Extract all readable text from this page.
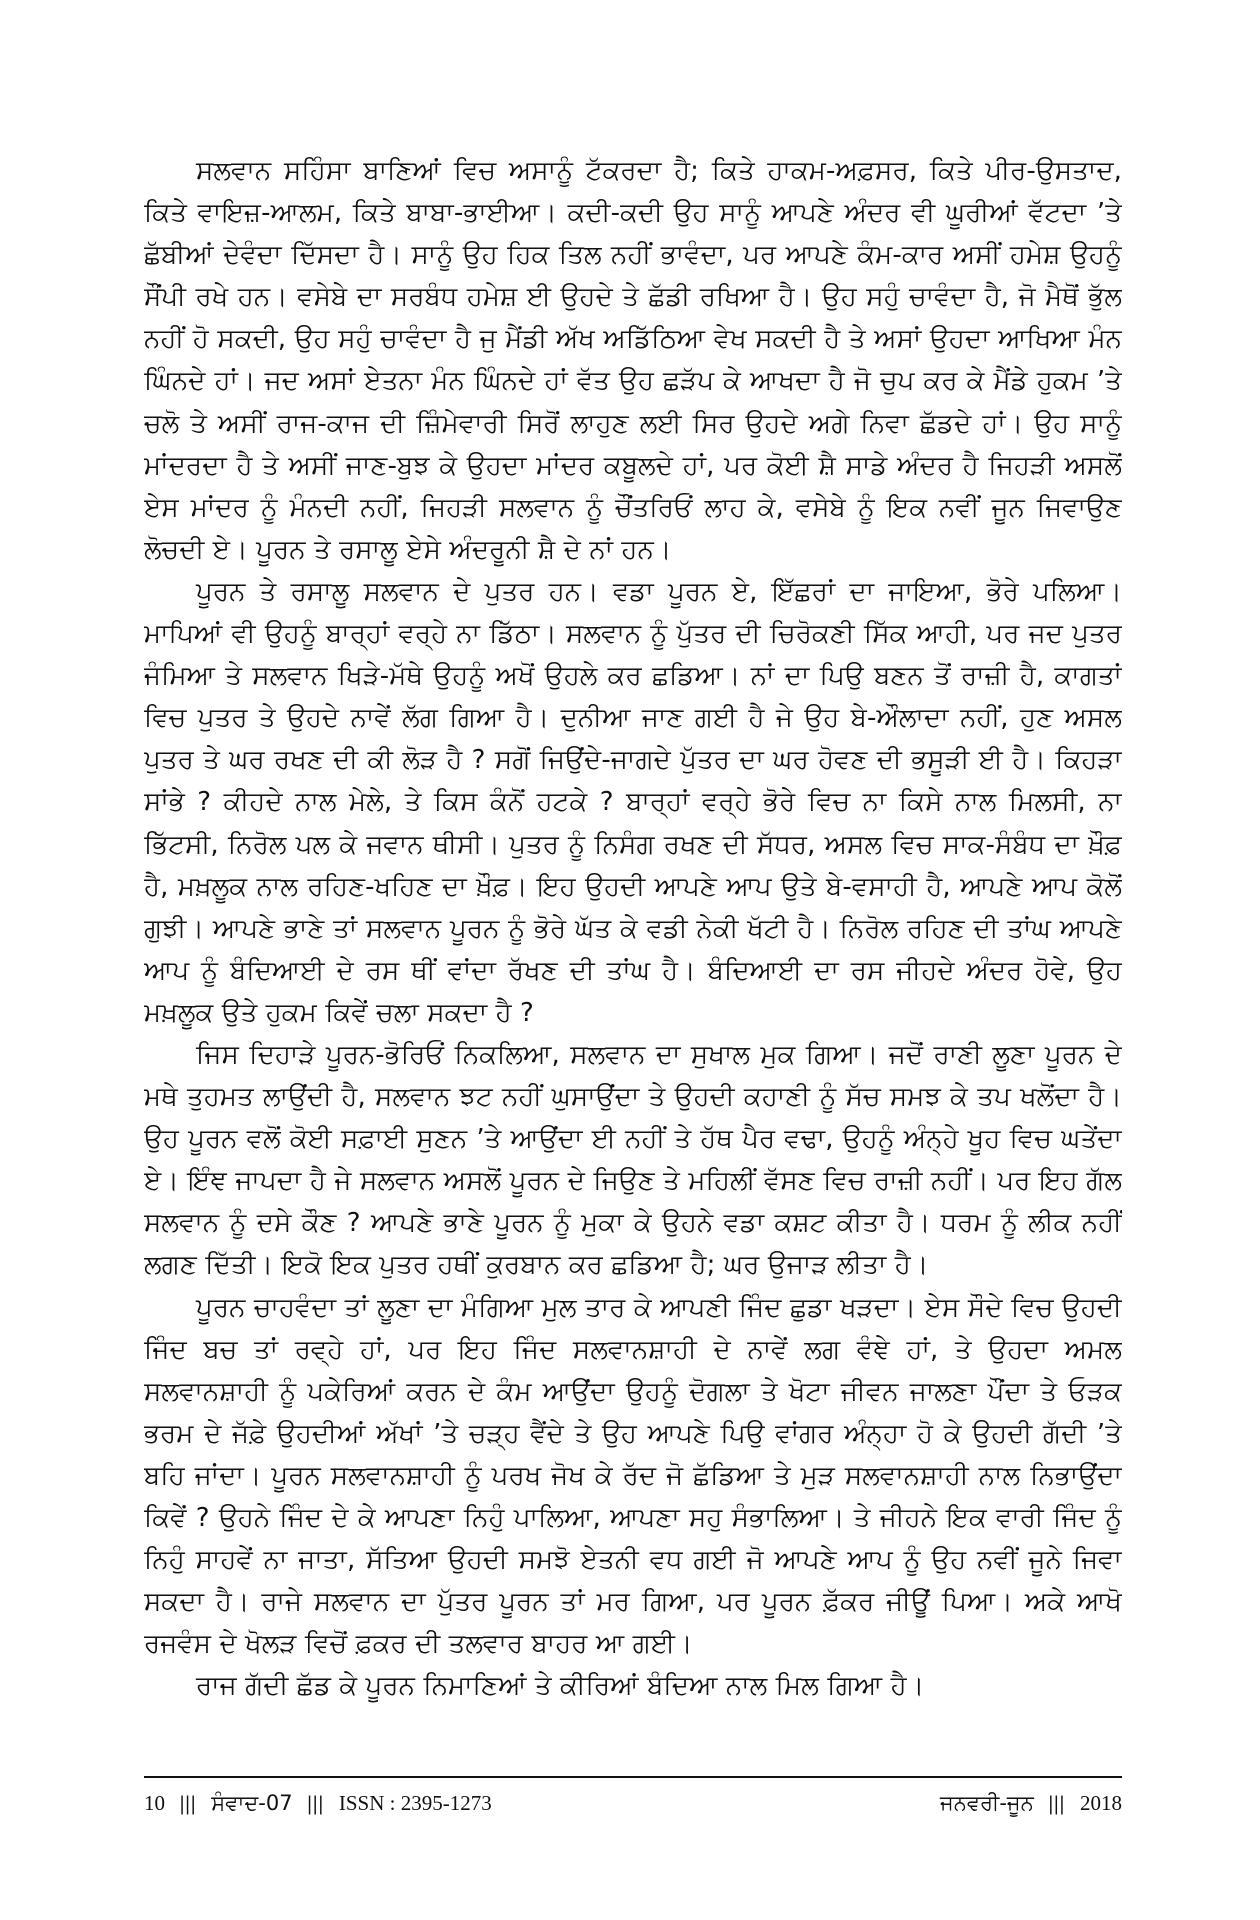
ਸਲਵਾਨ ਸਹਿੰਸਾ ਬਾਣਿਆਂ ਵਿਚ ਅਸਾਨੂੰ ਟੱਕਰਦਾ ਹੈ; ਕਿਤੇ ਹਾਕਮ-ਅਫ਼ਸਰ, ਕਿਤੇ ਪੀਰ-ਉਸਤਾਦ, ਕਿਤੇ ਵਾਇਜ਼-ਆਲਮ, ਕਿਤੇ ਬਾਬਾ-ਭਾਈਆ। ਕਦੀ-ਕਦੀ ਉਹ ਸਾਨੂੰ ਆਪਣੇ ਅੰਦਰ ਵੀ ਘੂਰੀਆਂ ਵੱਟਦਾ ’ਤੇ ਛੱਬੀਆਂ ਦੇਵੰਦਾ ਦਿੱਸਦਾ ਹੈ। ਸਾਨੂੰ ਉਹ ਹਿਕ ਤਿਲ ਨਹੀਂ ਭਾਵੰਦਾ, ਪਰ ਆਪਣੇ ਕੰਮ-ਕਾਰ ਅਸੀਂ ਹਮੇਸ਼ ਉਹਨੂੰ ਸੌਂਪੀ ਰਖੇ ਹਨ। ਵਸੇਬੇ ਦਾ ਸਰਬੰਧ ਹਮੇਸ਼ ਈ ਉਹਦੇ ਤੇ ਛੱਡੀ ਰਖਿਆ ਹੈ। ਉਹ ਸਹੁੰ ਚਾਵੰਦਾ ਹੈ, ਜੋ ਮੈਥੋਂ ਭੁੱਲ ਨਹੀਂ ਹੋ ਸਕਦੀ, ਉਹ ਸਹੁੰ ਚਾਵੰਦਾ ਹੈ ਜੁ ਮੈਂਡੀ ਅੱਖ ਅਡਿੱਠਿਆ ਵੇਖ ਸਕਦੀ ਹੈ ਤੇ ਅਸਾਂ ਉਹਦਾ ਆਖਿਆ ਮੰਨ ਘਿੰਨਦੇ ਹਾਂ। ਜਦ ਅਸਾਂ ਏਤਨਾ ਮੰਨ ਘਿੰਨਦੇ ਹਾਂ ਵੱਤ ਉਹ ਛੜੱਪ ਕੇ ਆਖਦਾ ਹੈ ਜੋ ਚੁਪ ਕਰ ਕੇ ਮੈਂਡੇ ਹੁਕਮ ’ਤੇ ਚਲੋ ਤੇ ਅਸੀਂ ਰਾਜ-ਕਾਜ ਦੀ ਜ਼ਿੰਮੇਵਾਰੀ ਸਿਰੋਂ ਲਾਹੁਣ ਲਈ ਸਿਰ ਉਹਦੇ ਅਗੇ ਨਿਵਾ ਛੱਡਦੇ ਹਾਂ। ਉਹ ਸਾਨੂੰ ਮਾਂਦਰਦਾ ਹੈ ਤੇ ਅਸੀਂ ਜਾਣ-ਬੁਝ ਕੇ ਉਹਦਾ ਮਾਂਦਰ ਕਬੂਲਦੇ ਹਾਂ, ਪਰ ਕੋਈ ਸ਼ੈ ਸਾਡੇ ਅੰਦਰ ਹੈ ਜਿਹੜੀ ਅਸਲੋਂ ਏਸ ਮਾਂਦਰ ਨੂੰ ਮੰਨਦੀ ਨਹੀਂ, ਜਿਹੜੀ ਸਲਵਾਨ ਨੂੰ ਚੌਂਤਰਿਓਂ ਲਾਹ ਕੇ, ਵਸੇਬੇ ਨੂੰ ਇਕ ਨਵੀਂ ਜੂਨ ਜਿਵਾਉਣ ਲੋਚਦੀ ਏ। ਪੂਰਨ ਤੇ ਰਸਾਲੂ ਏਸੇ ਅੰਦਰੂਨੀ ਸ਼ੈ ਦੇ ਨਾਂ ਹਨ।

ਪੂਰਨ ਤੇ ਰਸਾਲੂ ਸਲਵਾਨ ਦੇ ਪੁਤਰ ਹਨ। ਵਡਾ ਪੂਰਨ ਏ, ਇੱਛਰਾਂ ਦਾ ਜਾਇਆ, ਭੋਰੇ ਪਲਿਆ। ਮਾਪਿਆਂ ਵੀ ਉਹਨੂੰ ਬਾਰ੍ਹਾਂ ਵਰ੍ਹੇ ਨਾ ਡਿੱਠਾ। ਸਲਵਾਨ ਨੂੰ ਪੁੱਤਰ ਦੀ ਚਿਰੋਕਣੀ ਸਿੱਕ ਆਹੀ, ਪਰ ਜਦ ਪੁਤਰ ਜੰਮਿਆ ਤੇ ਸਲਵਾਨ ਖਿੜੇ-ਮੱਥੇ ਉਹਨੂੰ ਅਖੋਂ ਉਹਲੇ ਕਰ ਛਡਿਆ। ਨਾਂ ਦਾ ਪਿਉ ਬਣਨ ਤੋਂ ਰਾਜ਼ੀ ਹੈ, ਕਾਗਤਾਂ ਵਿਚ ਪੁਤਰ ਤੇ ਉਹਦੇ ਨਾਵੇਂ ਲੱਗ ਗਿਆ ਹੈ। ਦੁਨੀਆ ਜਾਣ ਗਈ ਹੈ ਜੇ ਉਹ ਬੇ-ਔਲਾਦਾ ਨਹੀਂ, ਹੁਣ ਅਸਲ ਪੁਤਰ ਤੇ ਘਰ ਰਖਣ ਦੀ ਕੀ ਲੋੜ ਹੈ ? ਸਗੋਂ ਜਿਉਂਦੇ-ਜਾਗਦੇ ਪੁੱਤਰ ਦਾ ਘਰ ਹੋਵਣ ਦੀ ਭਸੂੜੀ ਈ ਹੈ। ਕਿਹੜਾ ਸਾਂਭੇ ? ਕੀਹਦੇ ਨਾਲ ਮੇਲੇ, ਤੇ ਕਿਸ ਕੰਨੋਂ ਹਟਕੇ ? ਬਾਰ੍ਹਾਂ ਵਰ੍ਹੇ ਭੋਰੇ ਵਿਚ ਨਾ ਕਿਸੇ ਨਾਲ ਮਿਲਸੀ, ਨਾ ਭਿੱਟਸੀ, ਨਿਰੋਲ ਪਲ ਕੇ ਜਵਾਨ ਥੀਸੀ। ਪੁਤਰ ਨੂੰ ਨਿਸੰਗ ਰਖਣ ਦੀ ਸੱਧਰ, ਅਸਲ ਵਿਚ ਸਾਕ-ਸੰਬੰਧ ਦਾ ਖ਼ੌਫ਼ ਹੈ, ਮਖ਼ਲੂਕ ਨਾਲ ਰਹਿਣ-ਖਹਿਣ ਦਾ ਖ਼ੌਫ਼। ਇਹ ਉਹਦੀ ਆਪਣੇ ਆਪ ਉਤੇ ਬੇ-ਵਸਾਹੀ ਹੈ, ਆਪਣੇ ਆਪ ਕੋਲੋਂ ਗੁਝੀ। ਆਪਣੇ ਭਾਣੇ ਤਾਂ ਸਲਵਾਨ ਪੂਰਨ ਨੂੰ ਭੋਰੇ ਘੱਤ ਕੇ ਵਡੀ ਨੇਕੀ ਖੱਟੀ ਹੈ। ਨਿਰੋਲ ਰਹਿਣ ਦੀ ਤਾਂਘ ਆਪਣੇ ਆਪ ਨੂੰ ਬੰਦਿਆਈ ਦੇ ਰਸ ਥੀਂ ਵਾਂਦਾ ਰੱਖਣ ਦੀ ਤਾਂਘ ਹੈ। ਬੰਦਿਆਈ ਦਾ ਰਸ ਜੀਹਦੇ ਅੰਦਰ ਹੋਵੇ, ਉਹ ਮਖ਼ਲੂਕ ਉਤੇ ਹੁਕਮ ਕਿਵੇਂ ਚਲਾ ਸਕਦਾ ਹੈ ?

ਜਿਸ ਦਿਹਾੜੇ ਪੂਰਨ-ਭੋਰਿਓਂ ਨਿਕਲਿਆ, ਸਲਵਾਨ ਦਾ ਸੁਖਾਲ ਮੁਕ ਗਿਆ। ਜਦੋਂ ਰਾਣੀ ਲੂਣਾ ਪੂਰਨ ਦੇ ਮਥੇ ਤੁਹਮਤ ਲਾਉਂਦੀ ਹੈ, ਸਲਵਾਨ ਝਟ ਨਹੀਂ ਘੁਸਾਉਂਦਾ ਤੇ ਉਹਦੀ ਕਹਾਣੀ ਨੂੰ ਸੱਚ ਸਮਝ ਕੇ ਤਪ ਖਲੋਂਦਾ ਹੈ। ਉਹ ਪੂਰਨ ਵਲੋਂ ਕੋਈ ਸਫ਼ਾਈ ਸੁਣਨ ’ਤੇ ਆਉਂਦਾ ਈ ਨਹੀਂ ਤੇ ਹੱਥ ਪੈਰ ਵਢਾ, ਉਹਨੂੰ ਅੰਨ੍ਹੇ ਖੂਹ ਵਿਚ ਘਤੇਂਦਾ ਏ। ਇੰਞ ਜਾਪਦਾ ਹੈ ਜੇ ਸਲਵਾਨ ਅਸਲੋਂ ਪੂਰਨ ਦੇ ਜਿਉਣ ਤੇ ਮਹਿਲੀਂ ਵੱਸਣ ਵਿਚ ਰਾਜ਼ੀ ਨਹੀਂ। ਪਰ ਇਹ ਗੱਲ ਸਲਵਾਨ ਨੂੰ ਦਸੇ ਕੌਣ ? ਆਪਣੇ ਭਾਣੇ ਪੂਰਨ ਨੂੰ ਮੁਕਾ ਕੇ ਉਹਨੇ ਵਡਾ ਕਸ਼ਟ ਕੀਤਾ ਹੈ। ਧਰਮ ਨੂੰ ਲੀਕ ਨਹੀਂ ਲਗਣ ਦਿੱਤੀ। ਇਕੋ ਇਕ ਪੁਤਰ ਹਥੀਂ ਕੁਰਬਾਨ ਕਰ ਛਡਿਆ ਹੈ; ਘਰ ਉਜਾੜ ਲੀਤਾ ਹੈ।

ਪੂਰਨ ਚਾਹਵੰਦਾ ਤਾਂ ਲੂਣਾ ਦਾ ਮੰਗਿਆ ਮੁਲ ਤਾਰ ਕੇ ਆਪਣੀ ਜਿੰਦ ਛੁਡਾ ਖੜਦਾ। ਏਸ ਸੌਦੇ ਵਿਚ ਉਹਦੀ ਜਿੰਦ ਬਚ ਤਾਂ ਰਵ੍ਹੇ ਹਾਂ, ਪਰ ਇਹ ਜਿੰਦ ਸਲਵਾਨਸ਼ਾਹੀ ਦੇ ਨਾਵੇਂ ਲਗ ਵੰਞੇ ਹਾਂ, ਤੇ ਉਹਦਾ ਅਮਲ ਸਲਵਾਨਸ਼ਾਹੀ ਨੂੰ ਪਕੇਰਿਆਂ ਕਰਨ ਦੇ ਕੰਮ ਆਉਂਦਾ ਉਹਨੂੰ ਦੋਗਲਾ ਤੇ ਖੋਟਾ ਜੀਵਨ ਜਾਲਣਾ ਪੌਂਦਾ ਤੇ ਓੜਕ ਭਰਮ ਦੇ ਜੱਫ਼ੇ ਉਹਦੀਆਂ ਅੱਖਾਂ ’ਤੇ ਚੜ੍ਹ ਵੈਂਦੇ ਤੇ ਉਹ ਆਪਣੇ ਪਿਉ ਵਾਂਗਰ ਅੰਨ੍ਹਾ ਹੋ ਕੇ ਉਹਦੀ ਗੱਦੀ ’ਤੇ ਬਹਿ ਜਾਂਦਾ। ਪੂਰਨ ਸਲਵਾਨਸ਼ਾਹੀ ਨੂੰ ਪਰਖ ਜੋਖ ਕੇ ਰੱਦ ਜੋ ਛੱਡਿਆ ਤੇ ਮੁੜ ਸਲਵਾਨਸ਼ਾਹੀ ਨਾਲ ਨਿਭਾਉਂਦਾ ਕਿਵੇਂ ? ਉਹਨੇ ਜਿੰਦ ਦੇ ਕੇ ਆਪਣਾ ਨਿਹੁੰ ਪਾਲਿਆ, ਆਪਣਾ ਸਹੁ ਸੰਭਾਲਿਆ। ਤੇ ਜੀਹਨੇ ਇਕ ਵਾਰੀ ਜਿੰਦ ਨੂੰ ਨਿਹੁੰ ਸਾਹਵੇਂ ਨਾ ਜਾਤਾ, ਸੱਤਿਆ ਉਹਦੀ ਸਮਝੋ ਏਤਨੀ ਵਧ ਗਈ ਜੋ ਆਪਣੇ ਆਪ ਨੂੰ ਉਹ ਨਵੀਂ ਜੂਨੇ ਜਿਵਾ ਸਕਦਾ ਹੈ। ਰਾਜੇ ਸਲਵਾਨ ਦਾ ਪੁੱਤਰ ਪੂਰਨ ਤਾਂ ਮਰ ਗਿਆ, ਪਰ ਪੂਰਨ ਫ਼ੱਕਰ ਜੀਊਂ ਪਿਆ। ਅਕੇ ਆਖੋ ਰਜਵੰਸ ਦੇ ਖੋਲੜ ਵਿਚੋਂ ਫ਼ਕਰ ਦੀ ਤਲਵਾਰ ਬਾਹਰ ਆ ਗਈ।

ਰਾਜ ਗੱਦੀ ਛੱਡ ਕੇ ਪੂਰਨ ਨਿਮਾਣਿਆਂ ਤੇ ਕੀਰਿਆਂ ਬੰਦਿਆ ਨਾਲ ਮਿਲ ਗਿਆ ਹੈ।

10 ||| ਸੰਵਾਦ-07 ||| ISSN : 2395-1273	ਜਨਵਰੀ-ਜੂਨ ||| 2018
